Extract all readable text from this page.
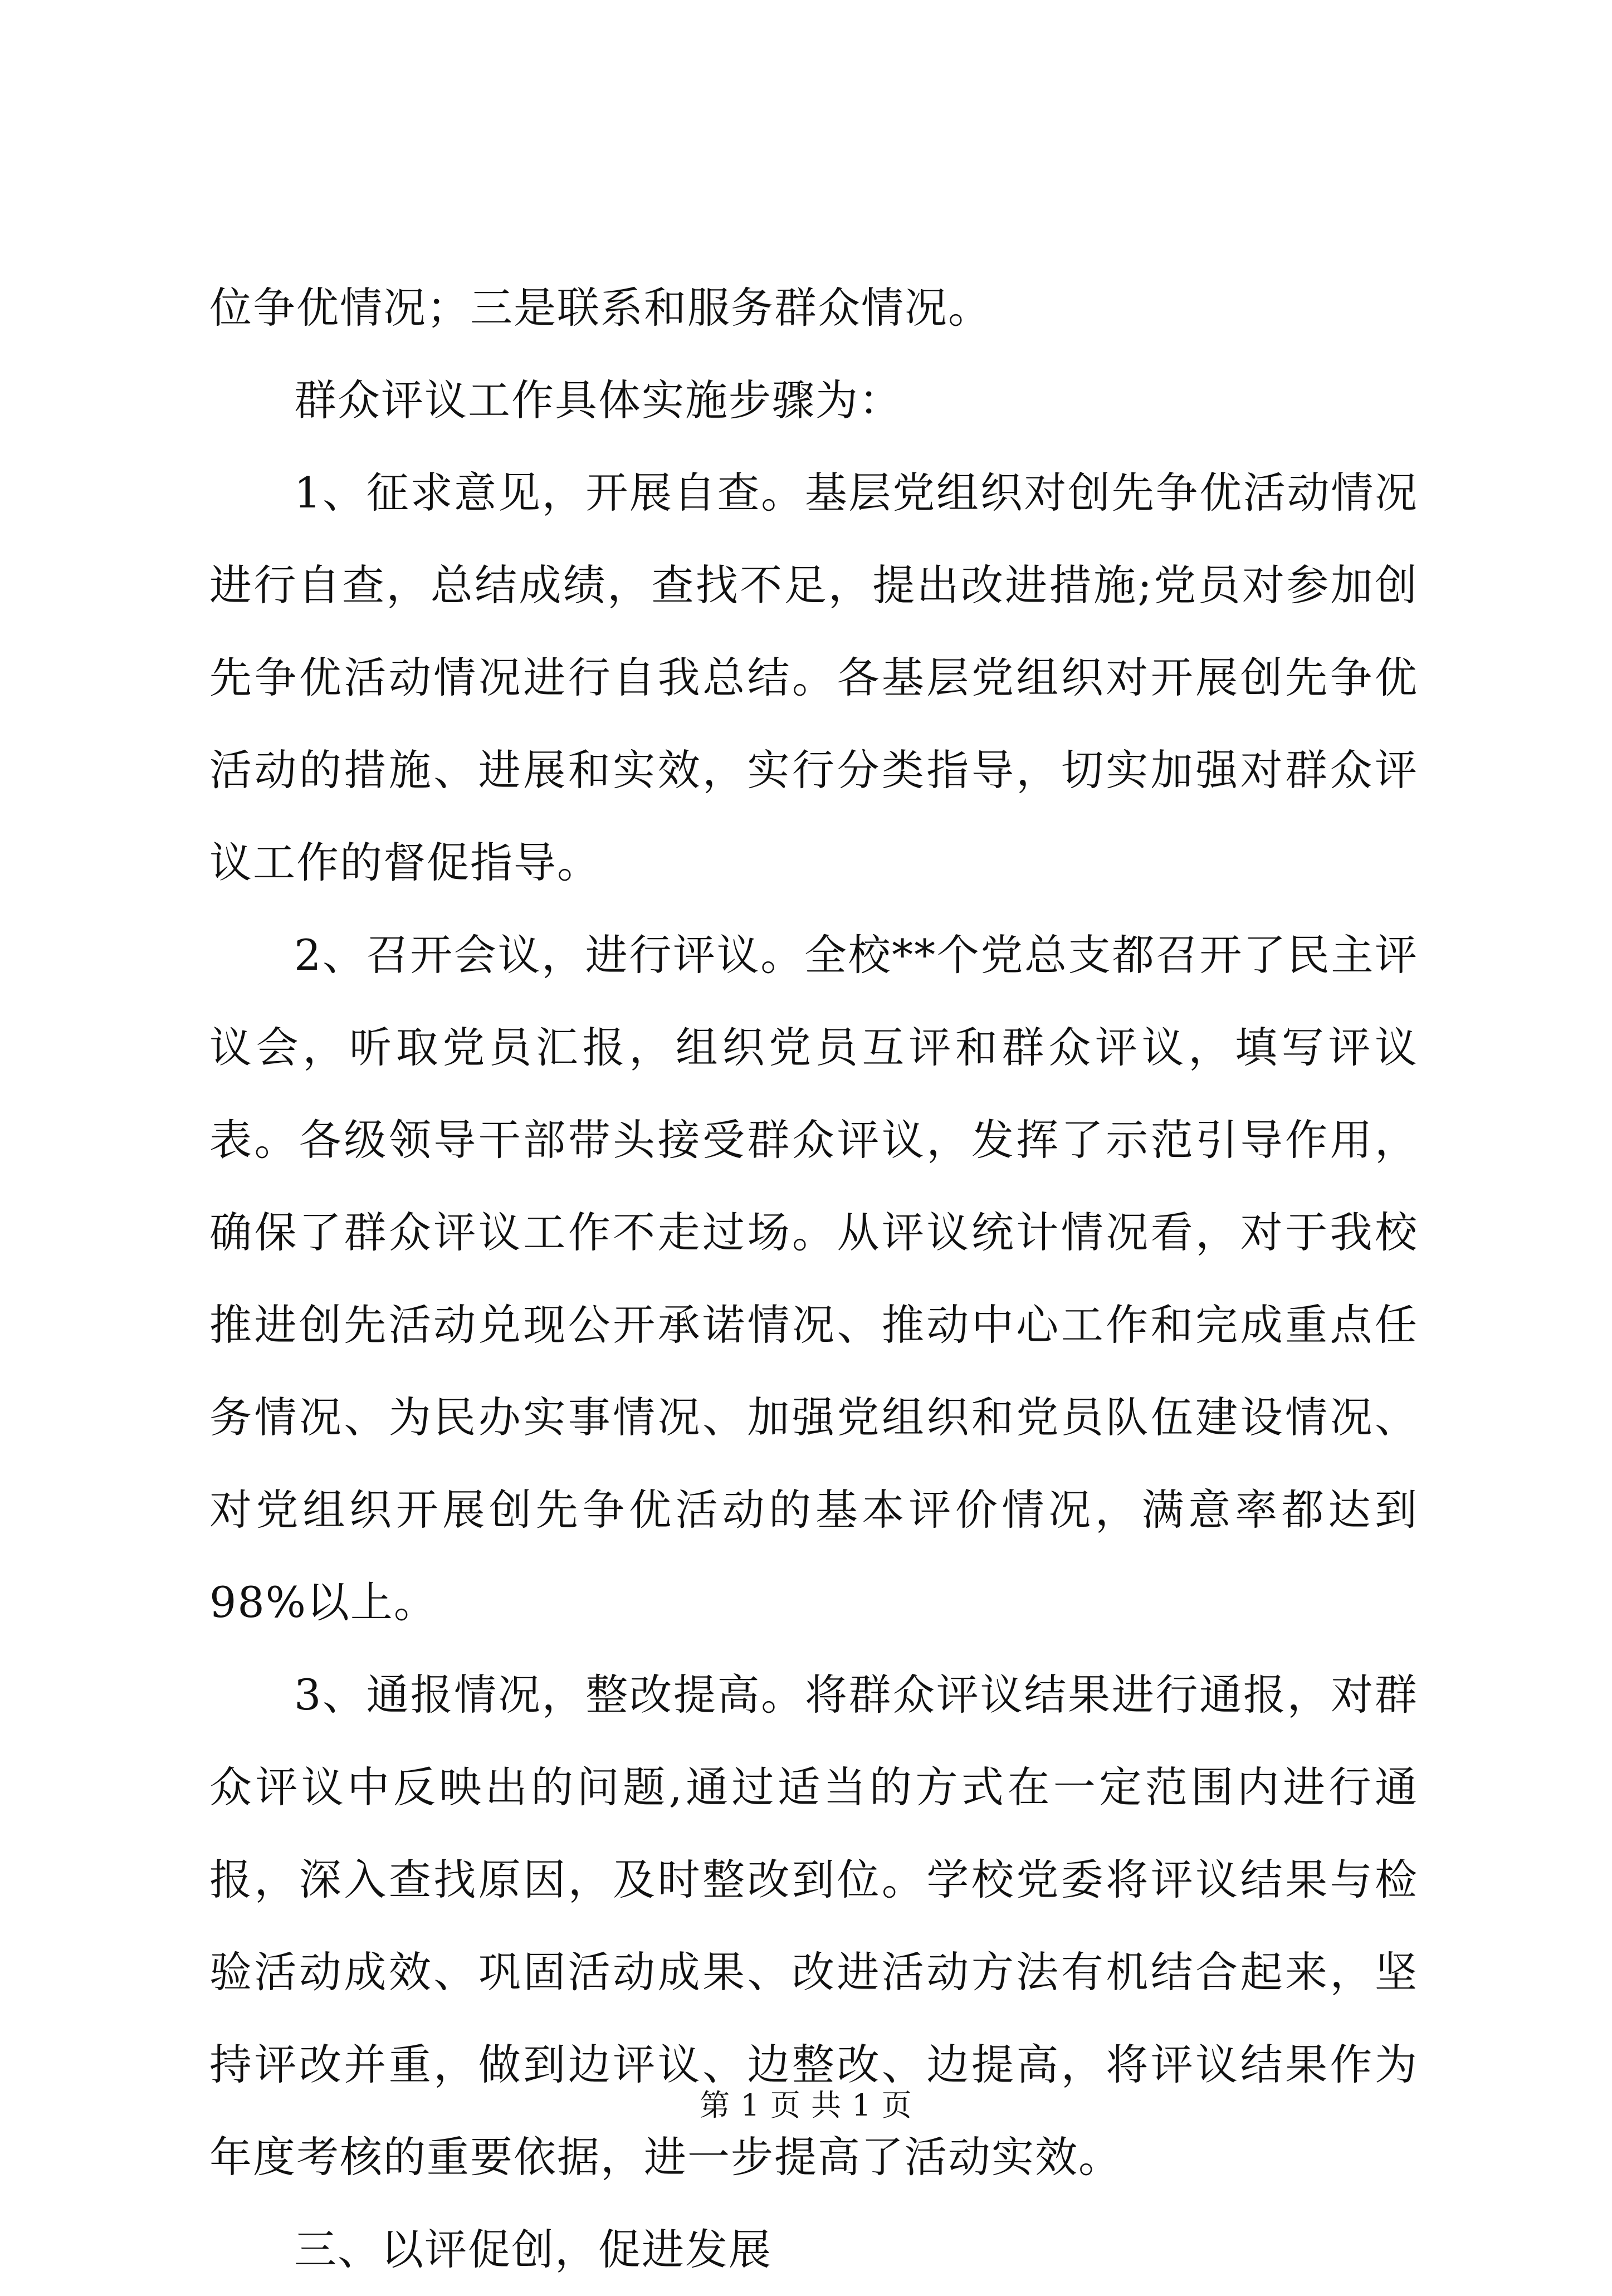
位争优情况；三是联系和服务群众情况。

群众评议工作具体实施步骤为：

1、征求意见，开展自查。基层党组织对创先争优活动情况进行自查，总结成绩，查找不足，提出改进措施;党员对参加创先争优活动情况进行自我总结。各基层党组织对开展创先争优活动的措施、进展和实效，实行分类指导，切实加强对群众评议工作的督促指导。

2、召开会议，进行评议。全校**个党总支都召开了民主评议会，听取党员汇报，组织党员互评和群众评议，填写评议表。各级领导干部带头接受群众评议，发挥了示范引导作用，确保了群众评议工作不走过场。从评议统计情况看，对于我校推进创先活动兑现公开承诺情况、推动中心工作和完成重点任务情况、为民办实事情况、加强党组织和党员队伍建设情况、对党组织开展创先争优活动的基本评价情况，满意率都达到98%以上。

3、通报情况，整改提高。将群众评议结果进行通报，对群众评议中反映出的问题,通过适当的方式在一定范围内进行通报，深入查找原因，及时整改到位。学校党委将评议结果与检验活动成效、巩固活动成果、改进活动方法有机结合起来，坚持评改并重，做到边评议、边整改、边提高，将评议结果作为年度考核的重要依据，进一步提高了活动实效。

三、以评促创，促进发展

第 1 页 共 1 页
